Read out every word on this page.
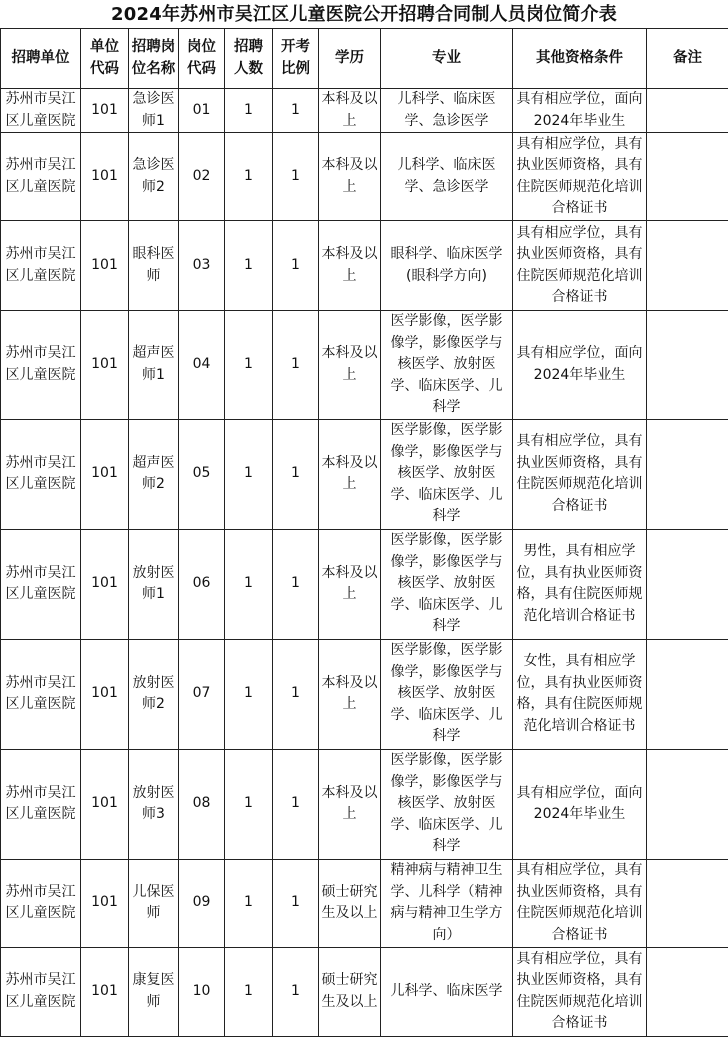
2024年苏州市吴江区儿童医院公开招聘合同制人员岗位简介表
招聘单位	单位代码	招聘岗位名称	岗位代码	招聘人数	开考比例	学历	专业	其他资格条件	备注
苏州市吴江区儿童医院	101	急诊医师1	01	1	1	本科及以上	儿科学、临床医学、急诊医学	具有相应学位，面向2024年毕业生	
苏州市吴江区儿童医院	101	急诊医师2	02	1	1	本科及以上	儿科学、临床医学、急诊医学	具有相应学位，具有执业医师资格，具有住院医师规范化培训合格证书	
苏州市吴江区儿童医院	101	眼科医师	03	1	1	本科及以上	眼科学、临床医学(眼科学方向)	具有相应学位，具有执业医师资格，具有住院医师规范化培训合格证书	
苏州市吴江区儿童医院	101	超声医师1	04	1	1	本科及以上	医学影像，医学影像学，影像医学与核医学、放射医学、临床医学、儿科学	具有相应学位，面向2024年毕业生	
苏州市吴江区儿童医院	101	超声医师2	05	1	1	本科及以上	医学影像，医学影像学，影像医学与核医学、放射医学、临床医学、儿科学	具有相应学位，具有执业医师资格，具有住院医师规范化培训合格证书	
苏州市吴江区儿童医院	101	放射医师1	06	1	1	本科及以上	医学影像，医学影像学，影像医学与核医学、放射医学、临床医学、儿科学	男性，具有相应学位，具有执业医师资格，具有住院医师规范化培训合格证书	
苏州市吴江区儿童医院	101	放射医师2	07	1	1	本科及以上	医学影像，医学影像学，影像医学与核医学、放射医学、临床医学、儿科学	女性，具有相应学位，具有执业医师资格，具有住院医师规范化培训合格证书	
苏州市吴江区儿童医院	101	放射医师3	08	1	1	本科及以上	医学影像，医学影像学，影像医学与核医学、放射医学、临床医学、儿科学	具有相应学位，面向2024年毕业生	
苏州市吴江区儿童医院	101	儿保医师	09	1	1	硕士研究生及以上	精神病与精神卫生学、儿科学（精神病与精神卫生学方向）	具有相应学位，具有执业医师资格，具有住院医师规范化培训合格证书	
苏州市吴江区儿童医院	101	康复医师	10	1	1	硕士研究生及以上	儿科学、临床医学	具有相应学位，具有执业医师资格，具有住院医师规范化培训合格证书	
